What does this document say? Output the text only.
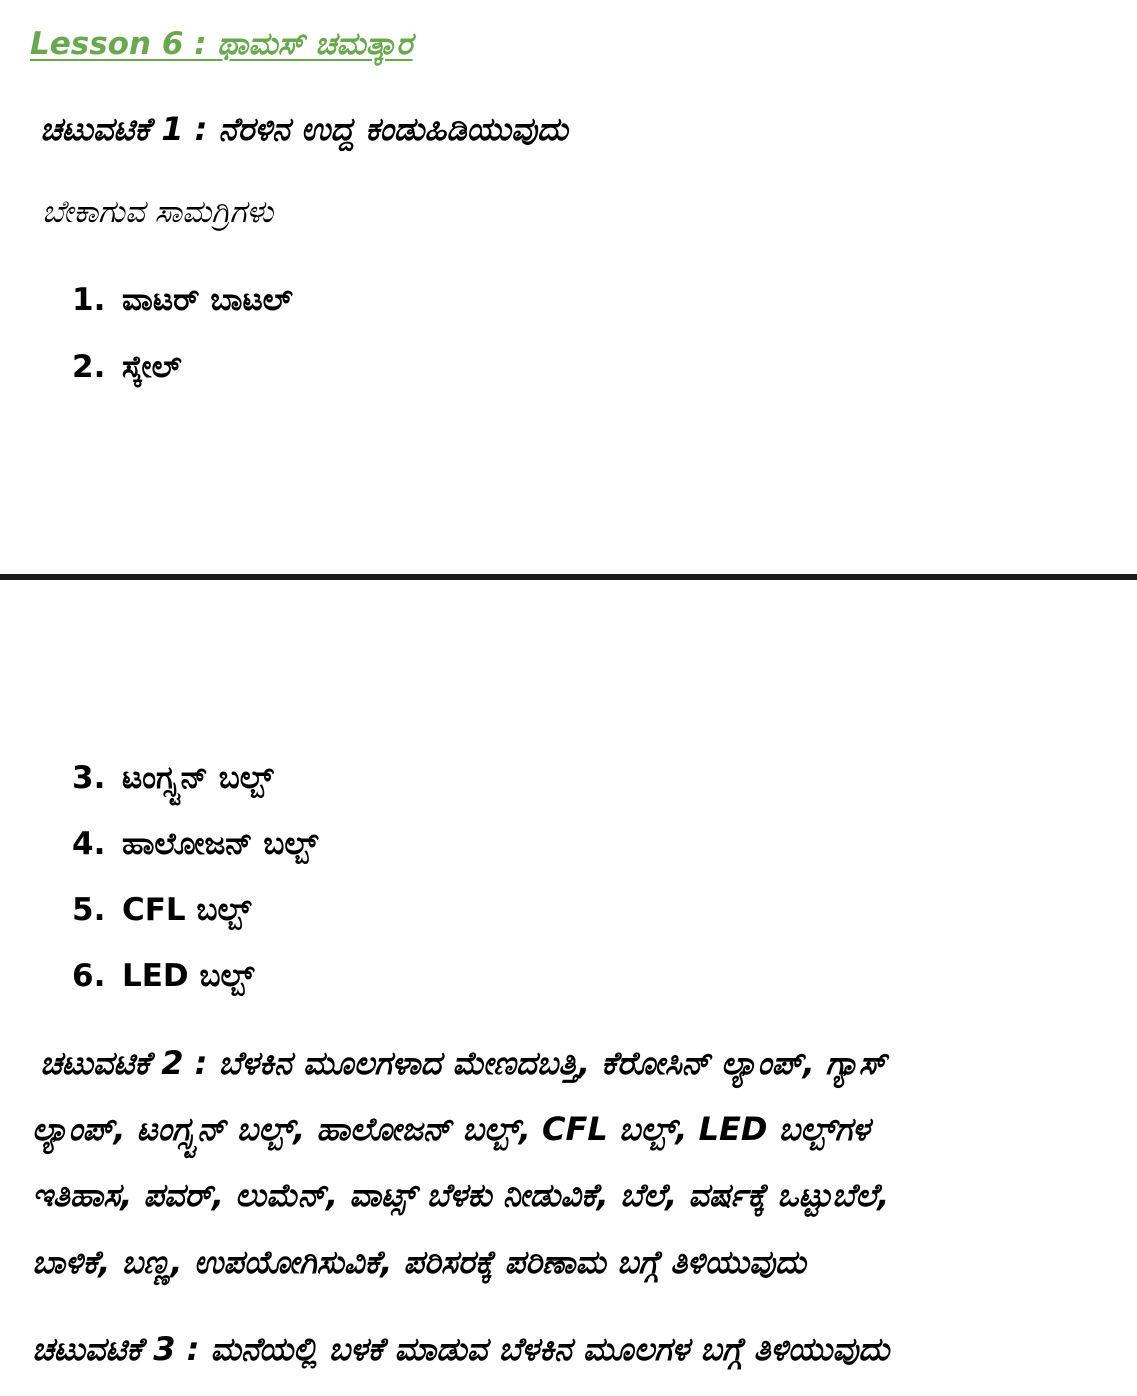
Lesson 6 : ಥಾಮಸ್ ಚಮತ್ಕಾರ
ಚಟುವಟಿಕೆ 1 : ನೆರಳಿನ ಉದ್ದ ಕಂಡುಹಿಡಿಯುವುದು
ಬೇಕಾಗುವ ಸಾಮಗ್ರಿಗಳು
1. ವಾಟರ್ ಬಾಟಲ್
2. ಸ್ಕೇಲ್
3. ಟಂಗ್ಸ್ಟನ್ ಬಲ್ಬ್
4. ಹಾಲೋಜನ್ ಬಲ್ಬ್
5. CFL ಬಲ್ಬ್
6. LED ಬಲ್ಬ್
ಚಟುವಟಿಕೆ 2 : ಬೆಳಕಿನ ಮೂಲಗಳಾದ ಮೇಣದಬತ್ತಿ, ಕೆರೋಸಿನ್ ಲ್ಯಾಂಪ್, ಗ್ಯಾಸ್
ಲ್ಯಾಂಪ್, ಟಂಗ್ಸ್ಟನ್ ಬಲ್ಬ್, ಹಾಲೋಜನ್ ಬಲ್ಬ್, CFL ಬಲ್ಬ್, LED ಬಲ್ಬ್‌ಗಳ
ಇತಿಹಾಸ, ಪವರ್, ಲುಮೆನ್, ವಾಟ್ಸ್ ಬೆಳಕು ನೀಡುವಿಕೆ, ಬೆಲೆ, ವರ್ಷಕ್ಕೆ ಒಟ್ಟುಬೆಲೆ,
ಬಾಳಿಕೆ, ಬಣ್ಣ, ಉಪಯೋಗಿಸುವಿಕೆ, ಪರಿಸರಕ್ಕೆ ಪರಿಣಾಮ ಬಗ್ಗೆ ತಿಳಿಯುವುದು
ಚಟುವಟಿಕೆ 3 : ಮನೆಯಲ್ಲಿ ಬಳಕೆ ಮಾಡುವ ಬೆಳಕಿನ ಮೂಲಗಳ ಬಗ್ಗೆ ತಿಳಿಯುವುದು
